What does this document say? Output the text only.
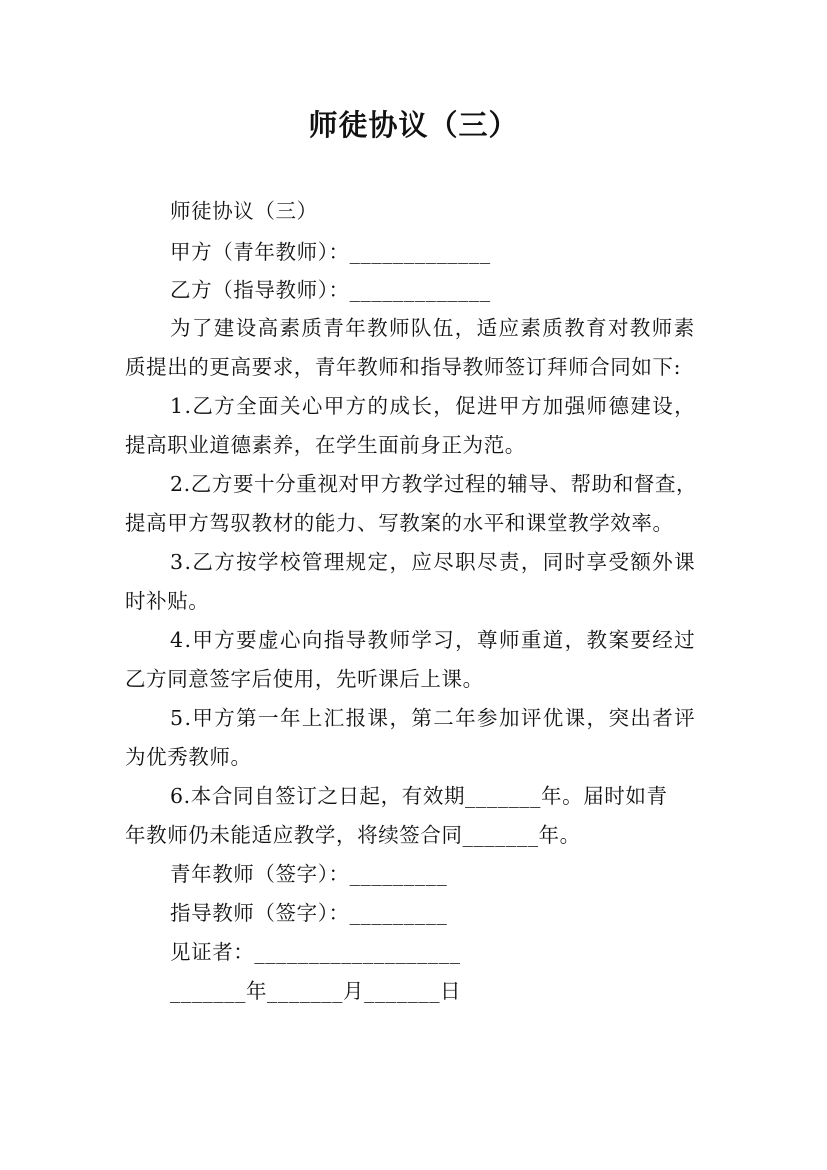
师徒协议（三）
师徒协议（三）
甲方（青年教师）：_____________
乙方（指导教师）：_____________
为了建设高素质青年教师队伍，适应素质教育对教师素
质提出的更高要求，青年教师和指导教师签订拜师合同如下:
1.乙方全面关心甲方的成长，促进甲方加强师德建设，
提高职业道德素养，在学生面前身正为范。
2.乙方要十分重视对甲方教学过程的辅导、帮助和督查，
提高甲方驾驭教材的能力、写教案的水平和课堂教学效率。
3.乙方按学校管理规定，应尽职尽责，同时享受额外课
时补贴。
4.甲方要虚心向指导教师学习，尊师重道，教案要经过
乙方同意签字后使用，先听课后上课。
5.甲方第一年上汇报课，第二年参加评优课，突出者评
为优秀教师。
6.本合同自签订之日起，有效期_______年。届时如青
年教师仍未能适应教学，将续签合同_______年。
青年教师（签字）：_________
指导教师（签字）：_________
见证者：___________________
_______年_______月_______日
